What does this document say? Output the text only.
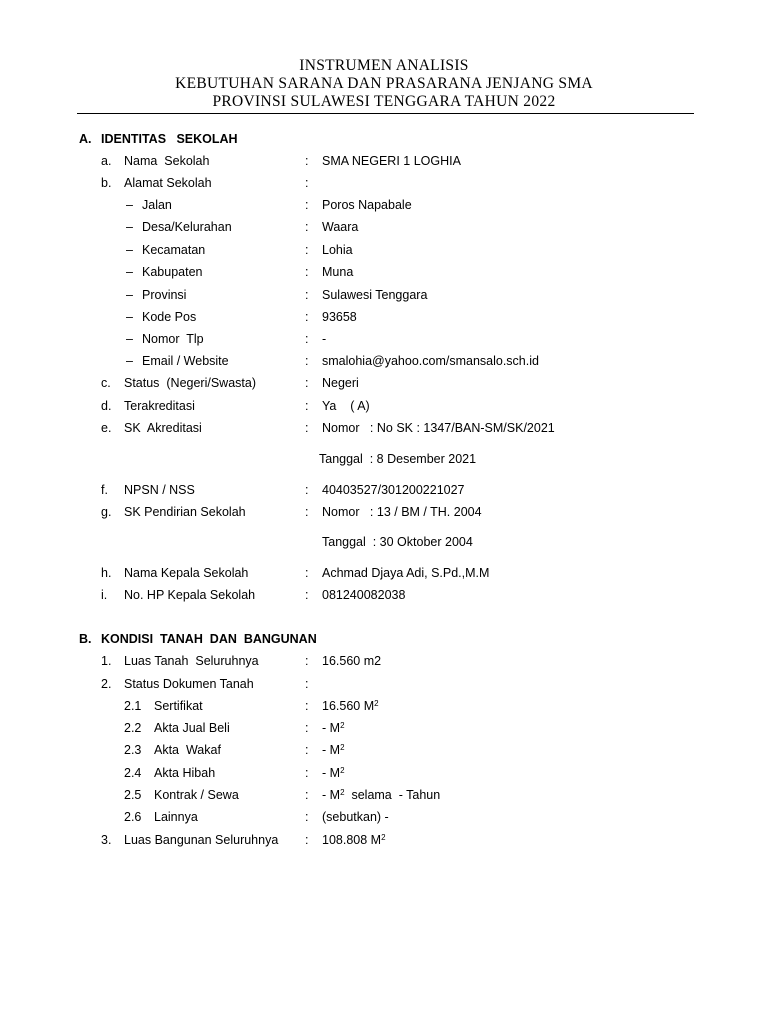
INSTRUMEN ANALISIS
KEBUTUHAN SARANA DAN PRASARANA JENJANG SMA
PROVINSI SULAWESI TENGGARA TAHUN 2022
A. IDENTITAS   SEKOLAH
a. Nama  Sekolah	: SMA NEGERI 1 LOGHIA
b. Alamat Sekolah	:
– Jalan	: Poros Napabale
– Desa/Kelurahan	: Waara
– Kecamatan	: Lohia
– Kabupaten	: Muna
– Provinsi	: Sulawesi Tenggara
– Kode Pos	: 93658
– Nomor  Tlp	: -
– Email / Website	: smalohia@yahoo.com/smansalo.sch.id
c. Status  (Negeri/Swasta)	: Negeri
d. Terakreditasi	: Ya    ( A)
e. SK  Akreditasi	: Nomor   : No SK : 1347/BAN-SM/SK/2021
Tanggal  : 8 Desember 2021
f. NPSN / NSS	: 40403527/301200221027
g. SK Pendirian Sekolah	: Nomor   : 13 / BM / TH. 2004
Tanggal  : 30 Oktober 2004
h. Nama Kepala Sekolah	: Achmad Djaya Adi, S.Pd.,M.M
i. No. HP Kepala Sekolah	: 081240082038
B. KONDISI  TANAH  DAN  BANGUNAN
1. Luas Tanah  Seluruhnya	: 16.560 m2
2. Status Dokumen Tanah	:
2.1 Sertifikat	: 16.560 $M^2$
2.2 Akta Jual Beli	: - $M^2$
2.3 Akta  Wakaf	: - $M^2$
2.4 Akta Hibah	: - $M^2$
2.5 Kontrak / Sewa	: - $M^2$  selama  - Tahun
2.6 Lainnya	: (sebutkan) -
3. Luas Bangunan Seluruhnya : 108.808 $M^2$
